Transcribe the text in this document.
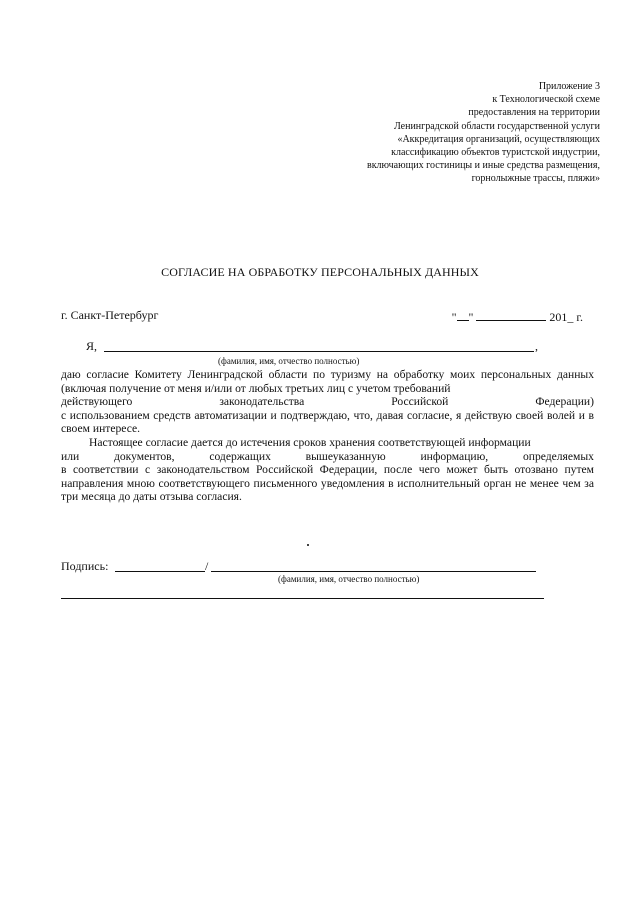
Приложение 3
к Технологической схеме
предоставления на территории
Ленинградской области государственной услуги
«Аккредитация организаций, осуществляющих
классификацию объектов туристской индустрии,
включающих гостиницы и иные средства размещения,
горнолыжные трассы, пляжи»
СОГЛАСИЕ НА ОБРАБОТКУ ПЕРСОНАЛЬНЫХ ДАННЫХ
г. Санкт-Петербург	" "	201_ г.
Я,	,
(фамилия, имя, отчество полностью)

даю согласие Комитету Ленинградской области по туризму на обработку моих персональных данных (включая получение от меня и/или от любых третьих лиц с учетом требований

действующего	законодательства	Российской	Федерации)

с использованием средств автоматизации и подтверждаю, что, давая согласие, я действую своей волей и в своем интересе.

Настоящее согласие дается до истечения сроков хранения соответствующей информации

или	документов,	содержащих	вышеуказанную	информацию,	определяемых

в соответствии с законодательством Российской Федерации, после чего может быть отозвано путем направления мною соответствующего письменного уведомления в исполнительный орган не менее чем за три месяца до даты отзыва согласия.

Подпись:	/
(фамилия, имя, отчество полностью)
